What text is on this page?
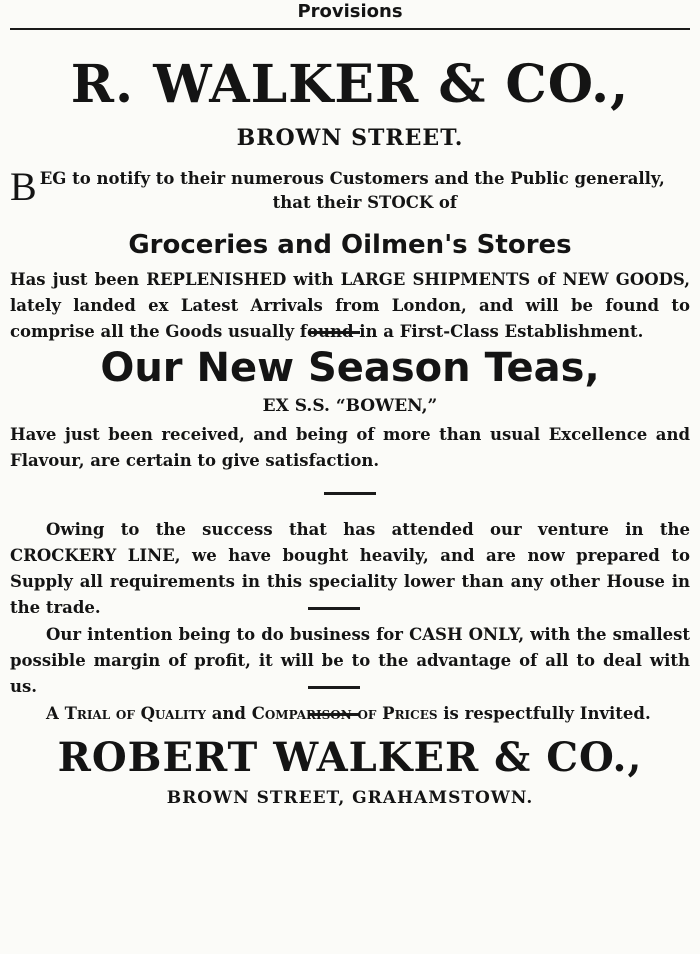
Provisions
R. WALKER & CO.,
BROWN STREET.
B EG to notify to their numerous Customers and the Public generally,
that their STOCK of
Groceries and Oilmen's Stores

Has just been REPLENISHED with LARGE SHIPMENTS of NEW GOODS, lately landed ex Latest Arrivals from London, and will be found to comprise all the Goods usually found in a First-Class Establishment.

Our New Season Teas,
EX S.S. “BOWEN,”

Have just been received, and being of more than usual Excellence and Flavour, are certain to give satisfaction.

Owing to the success that has attended our venture in the CROCKERY LINE, we have bought heavily, and are now prepared to Supply all requirements in this speciality lower than any other House in the trade.

Our intention being to do business for CASH ONLY, with the smallest possible margin of profit, it will be to the advantage of all to deal with us.

A Trial of Quality and Comparison of Prices is respectfully Invited.

ROBERT WALKER & CO.,
BROWN STREET, GRAHAMSTOWN.
